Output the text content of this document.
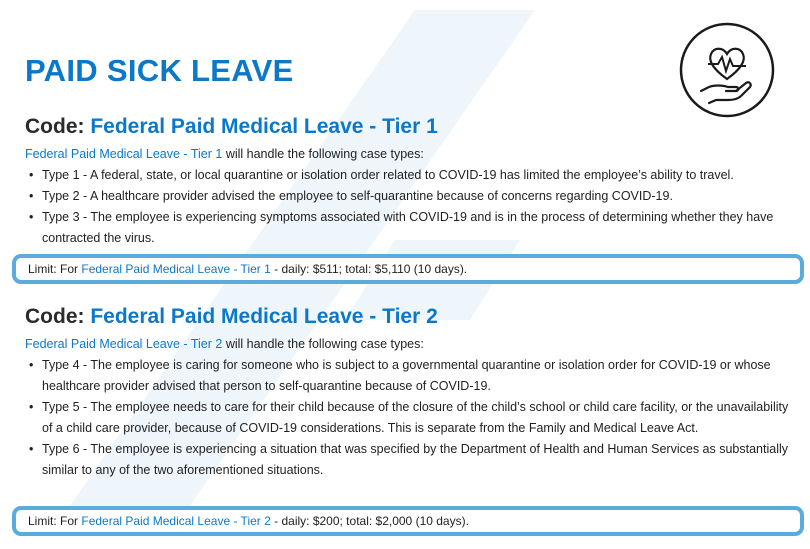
PAID SICK LEAVE
Code: Federal Paid Medical Leave - Tier 1

Federal Paid Medical Leave - Tier 1 will handle the following case types:

• Type 1 - A federal, state, or local quarantine or isolation order related to COVID-19 has limited the employee’s ability to travel.
• Type 2 - A healthcare provider advised the employee to self-quarantine because of concerns regarding COVID-19.
• Type 3 - The employee is experiencing symptoms associated with COVID-19 and is in the process of determining whether they have contracted the virus.
Limit: For Federal Paid Medical Leave - Tier 1 - daily: $511; total: $5,110 (10 days).
Code: Federal Paid Medical Leave - Tier 2

Federal Paid Medical Leave - Tier 2 will handle the following case types:

• Type 4 - The employee is caring for someone who is subject to a governmental quarantine or isolation order for COVID-19 or whose healthcare provider advised that person to self-quarantine because of COVID-19.
• Type 5 - The employee needs to care for their child because of the closure of the child’s school or child care facility, or the unavailability of a child care provider, because of COVID-19 considerations. This is separate from the Family and Medical Leave Act.
• Type 6 - The employee is experiencing a situation that was specified by the Department of Health and Human Services as substantially similar to any of the two aforementioned situations.
Limit: For Federal Paid Medical Leave - Tier 2 - daily: $200; total: $2,000 (10 days).
